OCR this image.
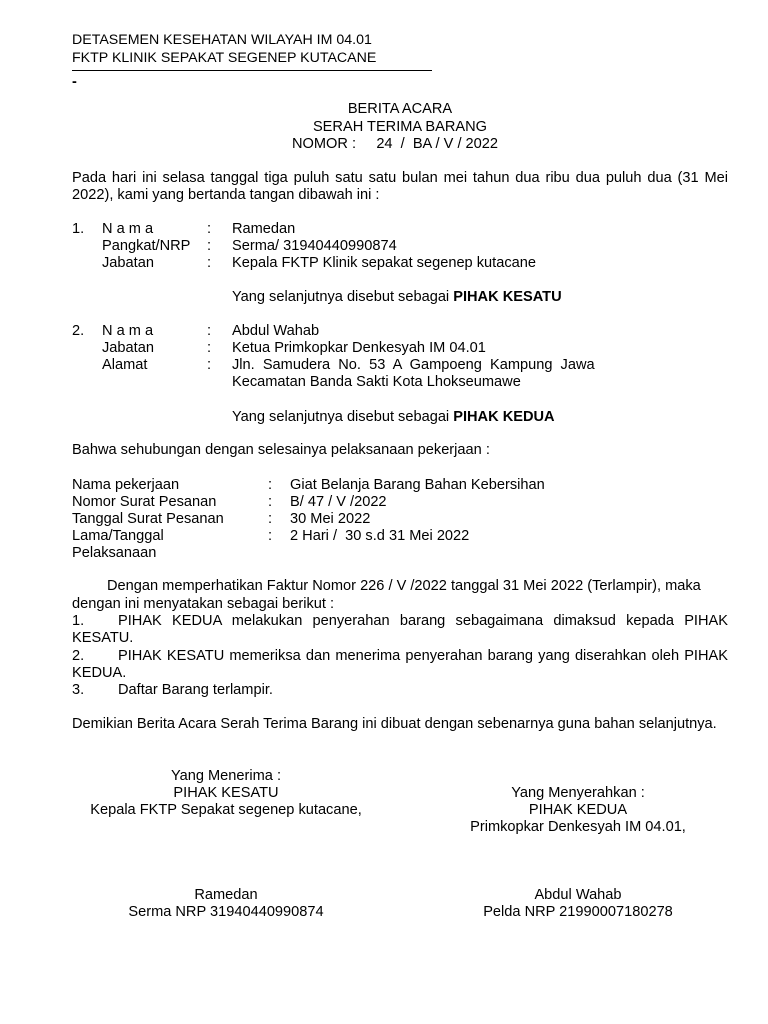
DETASEMEN KESEHATAN WILAYAH IM 04.01
FKTP KLINIK SEPAKAT SEGENEP KUTACANE
-
BERITA ACARA
SERAH TERIMA BARANG
NOMOR :     24  /  BA / V / 2022
Pada hari ini selasa tanggal tiga puluh satu satu bulan mei tahun dua ribu dua puluh dua (31 Mei 2022), kami yang bertanda tangan dibawah ini :
1. N a m a	: Ramedan
Pangkat/NRP : Serma/ 31940440990874
Jabatan	: Kepala FKTP Klinik sepakat segenep kutacane
Yang selanjutnya disebut sebagai PIHAK KESATU
2. N a m a	: Abdul Wahab
Jabatan	: Ketua Primkopkar Denkesyah IM 04.01
Alamat	: Jln.  Samudera  No.  53  A  Gampoeng  Kampung  Jawa
Kecamatan Banda Sakti Kota Lhokseumawe
Yang selanjutnya disebut sebagai PIHAK KEDUA
Bahwa sehubungan dengan selesainya pelaksanaan pekerjaan :
Nama pekerjaan	: Giat Belanja Barang Bahan Kebersihan
Nomor Surat Pesanan	: B/ 47 / V /2022
Tanggal Surat Pesanan	: 30 Mei 2022
Lama/Tanggal
Pelaksanaan
: 2 Hari /  30 s.d 31 Mei 2022
Dengan memperhatikan Faktur Nomor 226 / V /2022 tanggal 31 Mei 2022 (Terlampir), maka
dengan ini menyatakan sebagai berikut :
1.	PIHAK KEDUA melakukan penyerahan barang sebagaimana dimaksud kepada PIHAK KESATU.
2.	PIHAK KESATU memeriksa dan menerima penyerahan barang yang diserahkan oleh PIHAK KEDUA.
3. Daftar Barang terlampir.
Demikian Berita Acara Serah Terima Barang ini dibuat dengan sebenarnya guna bahan selanjutnya.
Yang Menerima :
PIHAK KESATU
Kepala FKTP Sepakat segenep kutacane,
Ramedan
Serma NRP 31940440990874
Yang Menyerahkan :
PIHAK KEDUA
Primkopkar Denkesyah IM 04.01,
Abdul Wahab
Pelda NRP 21990007180278
